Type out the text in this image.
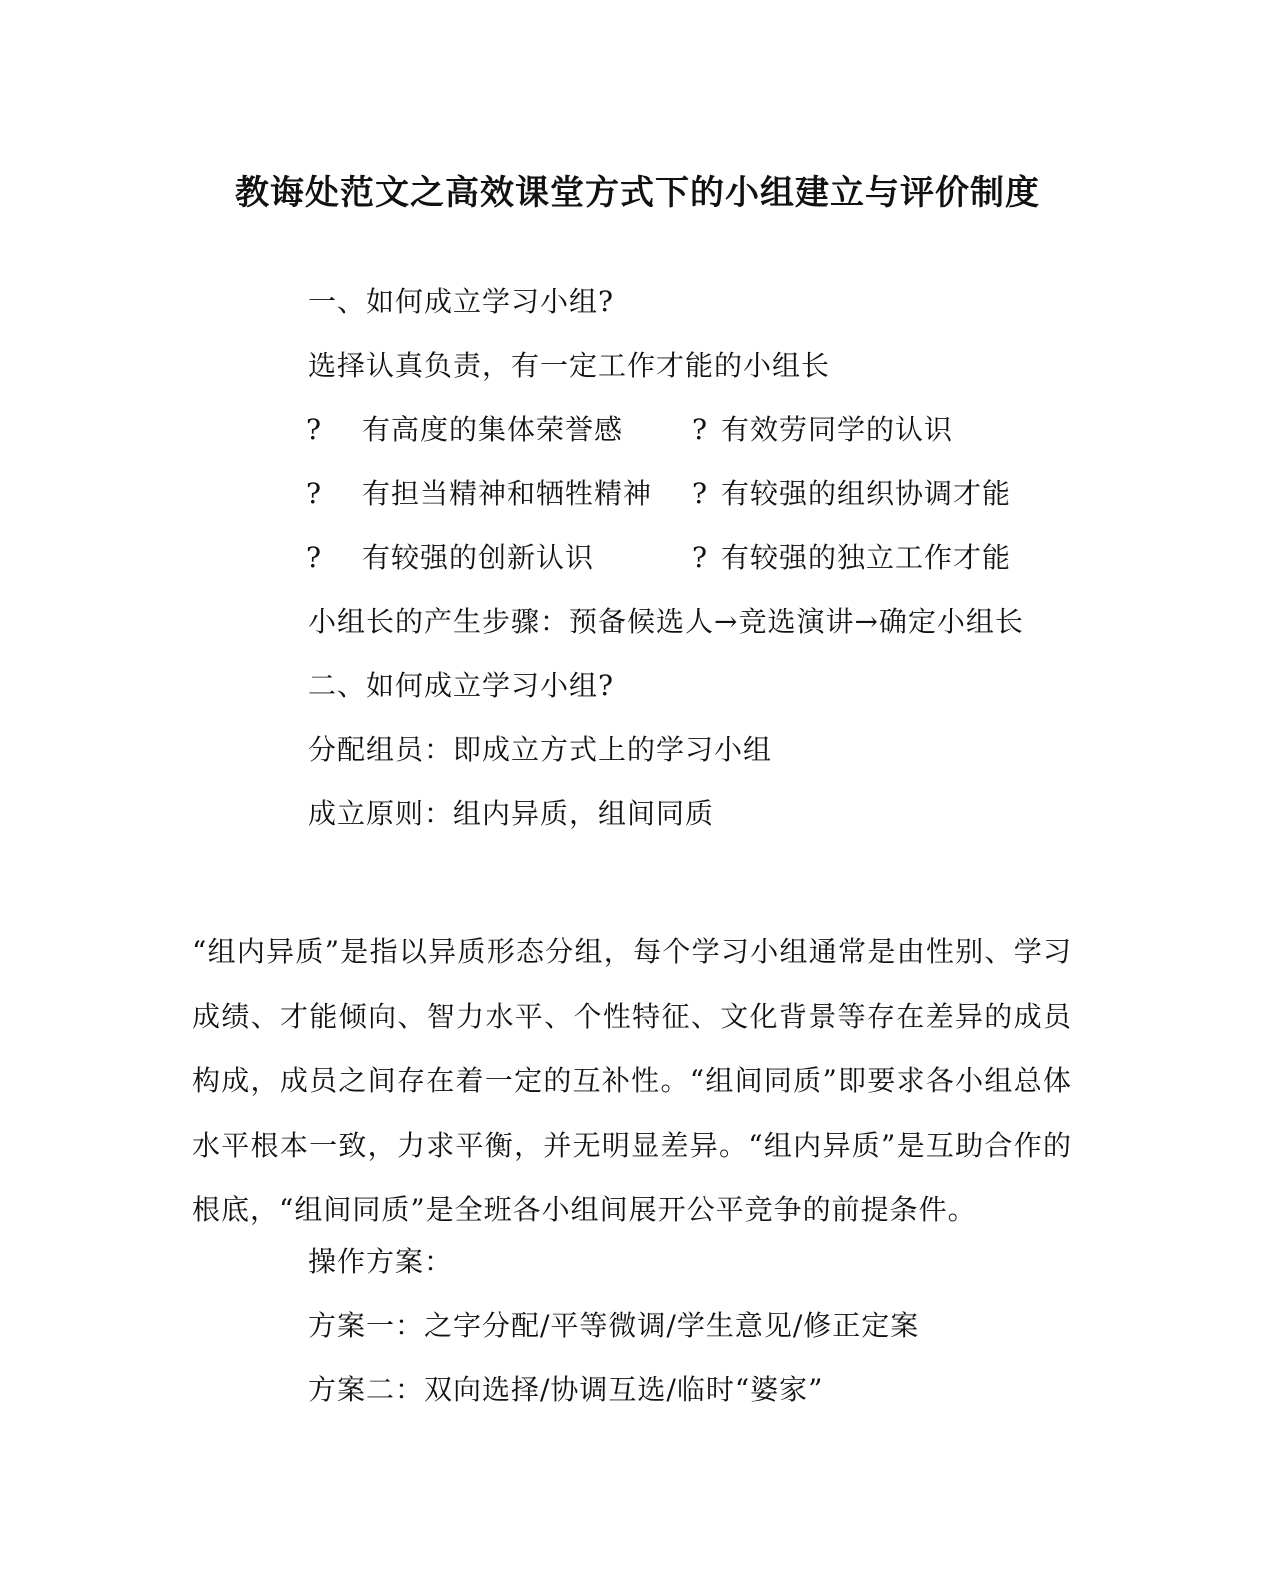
教诲处范文之高效课堂方式下的小组建立与评价制度
一、如何成立学习小组?
选择认真负责，有一定工作才能的小组长
? 有高度的集体荣誉感 ? 有效劳同学的认识
? 有担当精神和牺牲精神 ? 有较强的组织协调才能
? 有较强的创新认识	? 有较强的独立工作才能
小组长的产生步骤：预备候选人→竞选演讲→确定小组长
二、如何成立学习小组?
分配组员：即成立方式上的学习小组
成立原则：组内异质，组间同质

“组内异质”是指以异质形态分组，每个学习小组通常是由性别、学习成绩、才能倾向、智力水平、个性特征、文化背景等存在差异的成员构成，成员之间存在着一定的互补性。“组间同质”即要求各小组总体水平根本一致，力求平衡，并无明显差异。“组内异质”是互助合作的根底，“组间同质”是全班各小组间展开公平竞争的前提条件。

操作方案：
方案一：之字分配/平等微调/学生意见/修正定案
方案二：双向选择/协调互选/临时“婆家”
